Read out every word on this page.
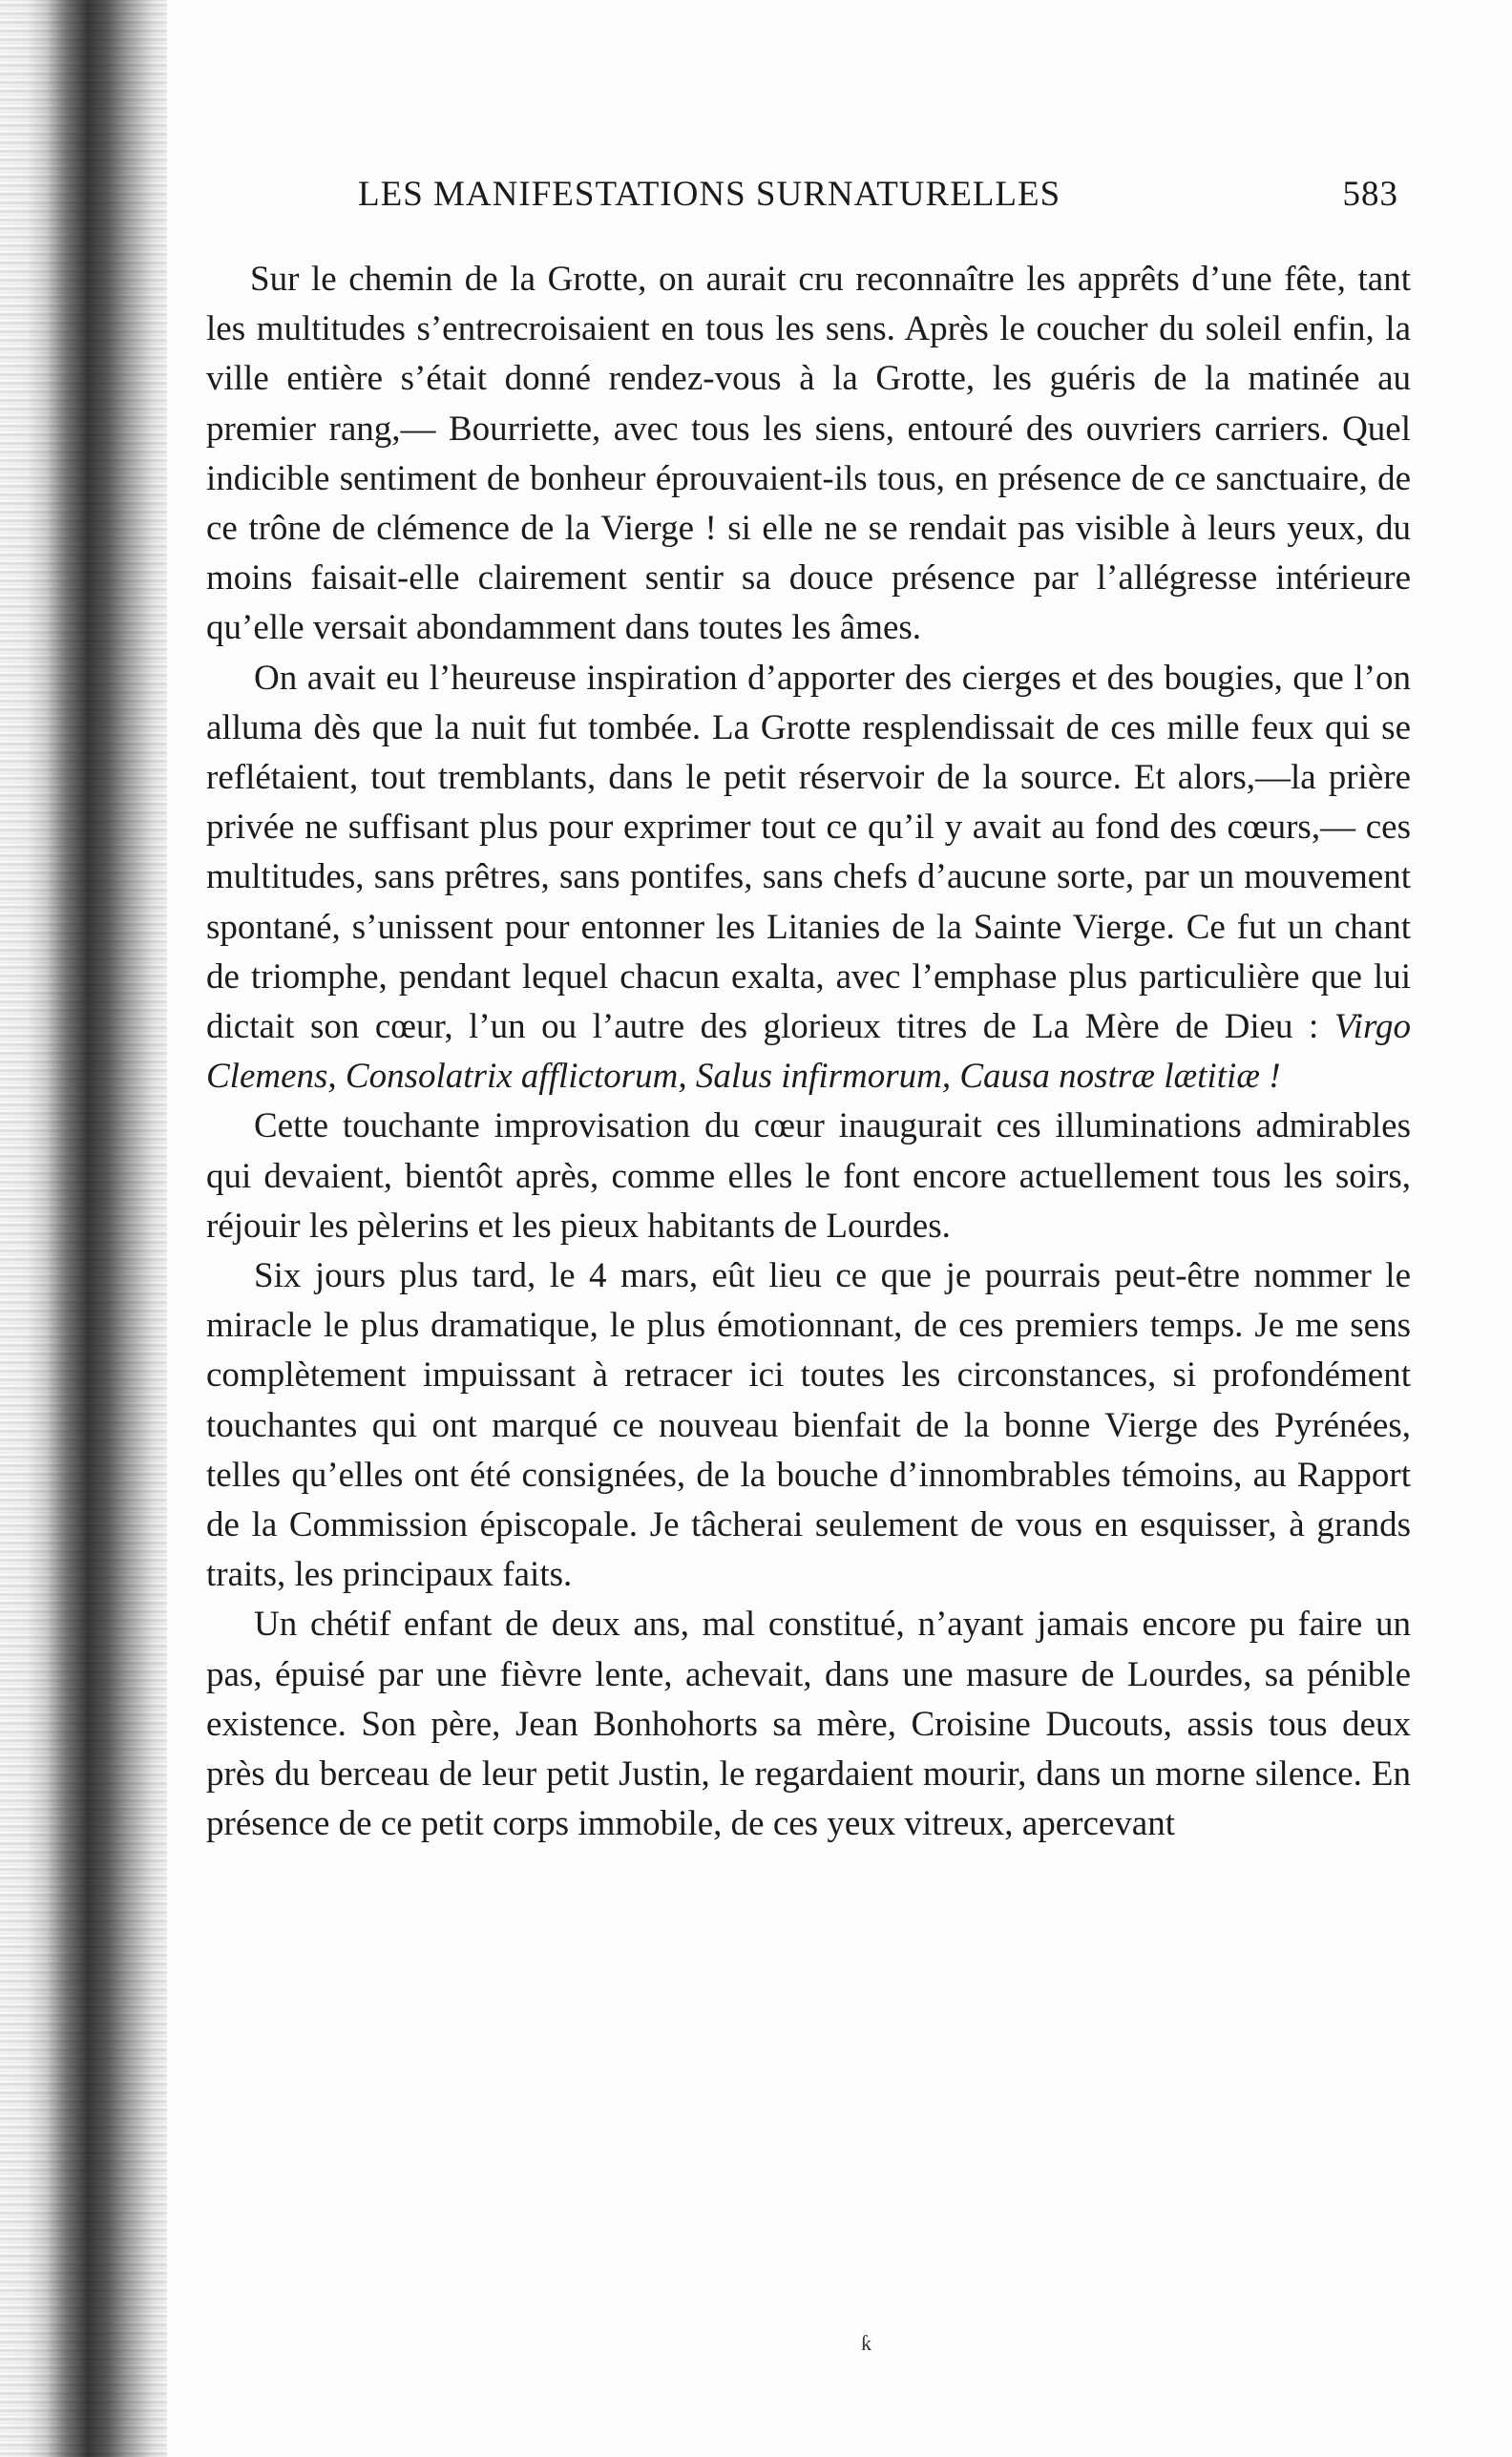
LES MANIFESTATIONS SURNATURELLES	583

Sur le chemin de la Grotte, on aurait cru reconnaître les apprêts d’une fête, tant les multitudes s’entrecroisaient en tous les sens. Après le coucher du soleil enfin, la ville entière s’était donné rendez-vous à la Grotte, les guéris de la matinée au premier rang,— Bourriette, avec tous les siens, entouré des ouvriers carriers. Quel indicible sentiment de bonheur éprouvaient-ils tous, en présence de ce sanctuaire, de ce trône de clémence de la Vierge ! si elle ne se rendait pas visible à leurs yeux, du moins faisait-elle clairement sentir sa douce présence par l’allégresse intérieure qu’elle versait abondamment dans toutes les âmes.

On avait eu l’heureuse inspiration d’apporter des cierges et des bougies, que l’on alluma dès que la nuit fut tombée. La Grotte resplendissait de ces mille feux qui se reflétaient, tout tremblants, dans le petit réservoir de la source. Et alors,—la prière privée ne suffisant plus pour exprimer tout ce qu’il y avait au fond des cœurs,— ces multitudes, sans prêtres, sans pontifes, sans chefs d’aucune sorte, par un mouvement spontané, s’unissent pour entonner les Litanies de la Sainte Vierge. Ce fut un chant de triomphe, pendant lequel chacun exalta, avec l’emphase plus particulière que lui dictait son cœur, l’un ou l’autre des glorieux titres de La Mère de Dieu : Virgo Clemens, Consolatrix afflictorum, Salus infirmorum, Causa nostræ lætitiæ !

Cette touchante improvisation du cœur inaugurait ces illuminations admirables qui devaient, bientôt après, comme elles le font encore actuellement tous les soirs, réjouir les pèlerins et les pieux habitants de Lourdes.

Six jours plus tard, le 4 mars, eût lieu ce que je pourrais peut-être nommer le miracle le plus dramatique, le plus émotionnant, de ces premiers temps. Je me sens complètement impuissant à retracer ici toutes les circonstances, si profondément touchantes qui ont marqué ce nouveau bienfait de la bonne Vierge des Pyrénées, telles qu’elles ont été consignées, de la bouche d’innombrables témoins, au Rapport de la Commission épiscopale. Je tâcherai seulement de vous en esquisser, à grands traits, les principaux faits.

Un chétif enfant de deux ans, mal constitué, n’ayant jamais encore pu faire un pas, épuisé par une fièvre lente, achevait, dans une masure de Lourdes, sa pénible existence. Son père, Jean Bonhohorts sa mère, Croisine Ducouts, assis tous deux près du berceau de leur petit Justin, le regardaient mourir, dans un morne silence. En présence de ce petit corps immobile, de ces yeux vitreux, apercevant

ƙ
